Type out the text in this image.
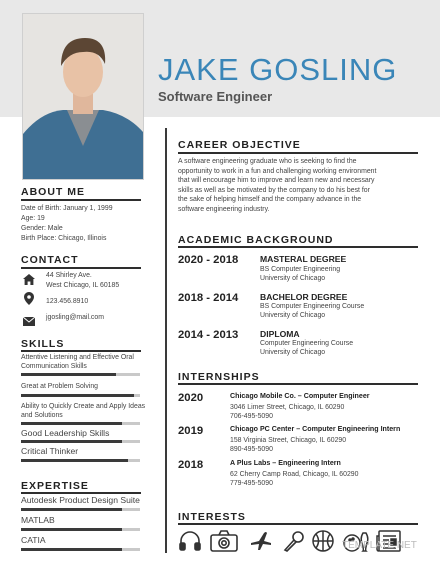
JAKE GOSLING
Software Engineer
ABOUT ME
Date of Birth: January 1, 1999
Age: 19
Gender: Male
Birth Place: Chicago, Illinois
CONTACT
44 Shirley Ave.
West Chicago, IL 60185
123.456.8910
jgosling@mail.com
SKILLS
Attentive Listening and Effective Oral Communication Skills
Great at Problem Solving
Ability to Quickly Create and Apply Ideas and Solutions
Good Leadership Skills
Critical Thinker
EXPERTISE
Autodesk Product Design Suite
MATLAB
CATIA
CAREER OBJECTIVE
A software engineering graduate who is seeking to find the
opportunity to work in a fun and challenging working environment
that will encourage him to improve and learn new and necessary
skills as well as be motivated by the company to do his best for
the sake of helping himself and the company advance in the
software engineering industry.
ACADEMIC BACKGROUND
2020 - 2018	MASTERAL DEGREE
BS Computer Engineering
University of Chicago
2018 - 2014	BACHELOR DEGREE
BS Computer Engineering Course
University of Chicago
2014 - 2013	DIPLOMA
Computer Engineering Course
University of Chicago
INTERNSHIPS
2020	Chicago Mobile Co. – Computer Engineer
3046 Limer Street, Chicago, IL 60290
706-495-5090
2019	Chicago PC Center – Computer Engineering Intern
158 Virginia Street, Chicago, IL 60290
890-495-5090
2018	A Plus Labs – Engineering Intern
62 Cherry Camp Road, Chicago, IL 60290
779-495-5090
INTERESTS
TEMPLATE.NET
